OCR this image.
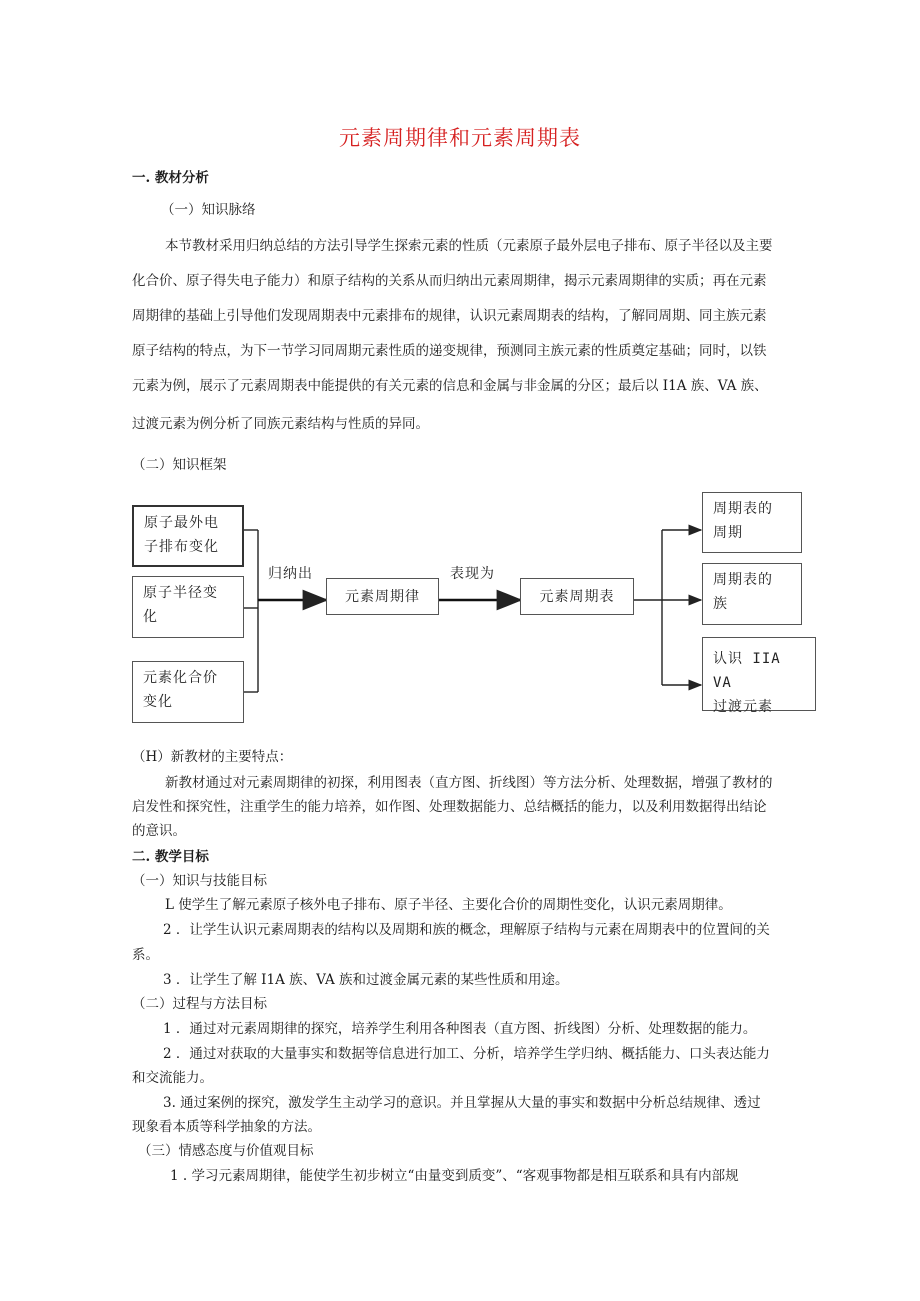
元素周期律和元素周期表
一. 教材分析
（一）知识脉络
本节教材采用归纳总结的方法引导学生探索元素的性质（元素原子最外层电子排布、原子半径以及主要
化合价、原子得失电子能力）和原子结构的关系从而归纳出元素周期律，揭示元素周期律的实质；再在元素
周期律的基础上引导他们发现周期表中元素排布的规律，认识元素周期表的结构，了解同周期、同主族元素
原子结构的特点，为下一节学习同周期元素性质的递变规律，预测同主族元素的性质奠定基础；同时，以铁
元素为例，展示了元素周期表中能提供的有关元素的信息和金属与非金属的分区；最后以 I1A 族、VA 族、
过渡元素为例分析了同族元素结构与性质的异同。
（二）知识框架
原子最外电
子排布变化
原子半径变
化
元素化合价
变化
归纳出
元素周期律
表现为
元素周期表
周期表的
周期
周期表的
族
认识 IIA VA
过渡元素
（H）新教材的主要特点：
新教材通过对元素周期律的初探，利用图表（直方图、折线图）等方法分析、处理数据，增强了教材的
启发性和探究性，注重学生的能力培养，如作图、处理数据能力、总结概括的能力，以及利用数据得出结论
的意识。
二. 教学目标
（一）知识与技能目标
L 使学生了解元素原子核外电子排布、原子半径、主要化合价的周期性变化，认识元素周期律。
2 ．让学生认识元素周期表的结构以及周期和族的概念，理解原子结构与元素在周期表中的位置间的关
系。
3 ．让学生了解 I1A 族、VA 族和过渡金属元素的某些性质和用途。
（二）过程与方法目标
1 ．通过对元素周期律的探究，培养学生利用各种图表（直方图、折线图）分析、处理数据的能力。
2 ．通过对获取的大量事实和数据等信息进行加工、分析，培养学生学归纳、概括能力、口头表达能力
和交流能力。
3. 通过案例的探究，激发学生主动学习的意识。并且掌握从大量的事实和数据中分析总结规律、透过
现象看本质等科学抽象的方法。
（三）情感态度与价值观目标
1 . 学习元素周期律，能使学生初步树立“由量变到质变”、“客观事物都是相互联系和具有内部规
